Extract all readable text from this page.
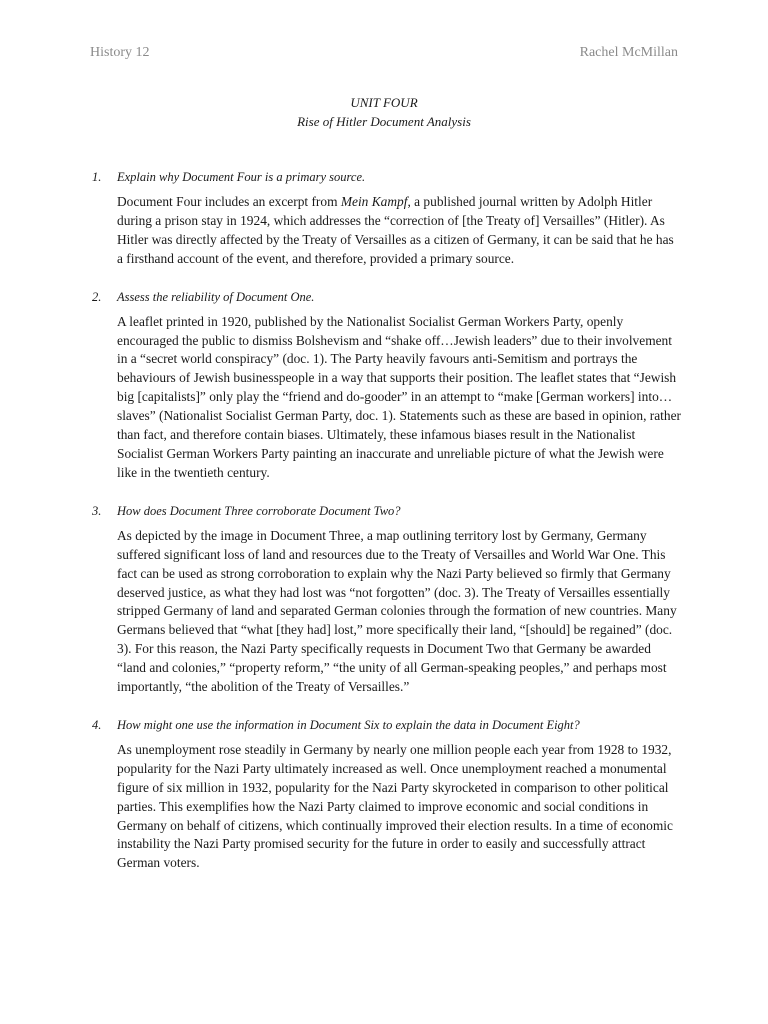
History 12	Rachel McMillan
UNIT FOUR
Rise of Hitler Document Analysis
1.	Explain why Document Four is a primary source.
Document Four includes an excerpt from Mein Kampf, a published journal written by Adolph Hitler during a prison stay in 1924, which addresses the “correction of [the Treaty of] Versailles” (Hitler). As Hitler was directly affected by the Treaty of Versailles as a citizen of Germany, it can be said that he has a firsthand account of the event, and therefore, provided a primary source.
2.	Assess the reliability of Document One.
A leaflet printed in 1920, published by the Nationalist Socialist German Workers Party, openly encouraged the public to dismiss Bolshevism and “shake off…Jewish leaders” due to their involvement in a “secret world conspiracy” (doc. 1). The Party heavily favours anti-Semitism and portrays the behaviours of Jewish businesspeople in a way that supports their position. The leaflet states that “Jewish big [capitalists]” only play the “friend and do-gooder” in an attempt to “make [German workers] into…slaves” (Nationalist Socialist German Party, doc. 1). Statements such as these are based in opinion, rather than fact, and therefore contain biases. Ultimately, these infamous biases result in the Nationalist Socialist German Workers Party painting an inaccurate and unreliable picture of what the Jewish were like in the twentieth century.
3.	How does Document Three corroborate Document Two?
As depicted by the image in Document Three, a map outlining territory lost by Germany, Germany suffered significant loss of land and resources due to the Treaty of Versailles and World War One. This fact can be used as strong corroboration to explain why the Nazi Party believed so firmly that Germany deserved justice, as what they had lost was “not forgotten” (doc. 3). The Treaty of Versailles essentially stripped Germany of land and separated German colonies through the formation of new countries. Many Germans believed that “what [they had] lost,” more specifically their land, “[should] be regained” (doc. 3). For this reason, the Nazi Party specifically requests in Document Two that Germany be awarded “land and colonies,” “property reform,” “the unity of all German-speaking peoples,” and perhaps most importantly, “the abolition of the Treaty of Versailles.”
4.	How might one use the information in Document Six to explain the data in Document Eight?
As unemployment rose steadily in Germany by nearly one million people each year from 1928 to 1932, popularity for the Nazi Party ultimately increased as well. Once unemployment reached a monumental figure of six million in 1932, popularity for the Nazi Party skyrocketed in comparison to other political parties. This exemplifies how the Nazi Party claimed to improve economic and social conditions in Germany on behalf of citizens, which continually improved their election results. In a time of economic instability the Nazi Party promised security for the future in order to easily and successfully attract German voters.
